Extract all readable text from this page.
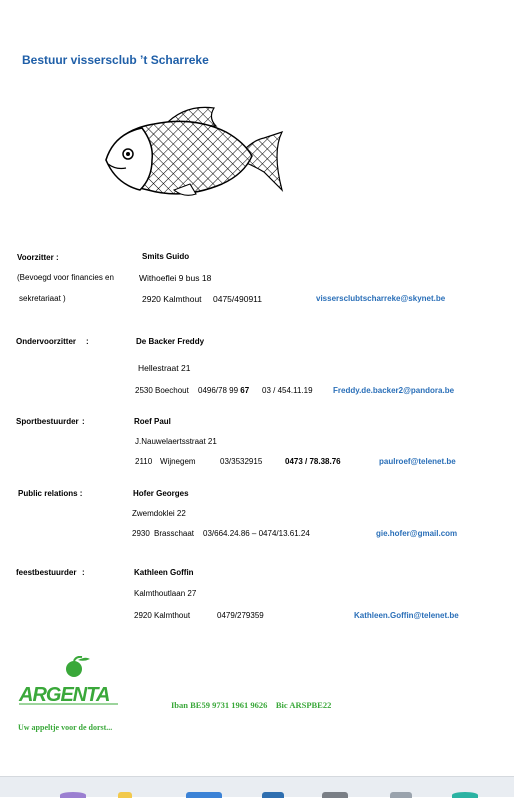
Bestuur vissersclub ’t Scharreke
Voorzitter :
(Bevoegd voor financies en
sekretariaat )
Smits Guido
Withoeflei 9 bus 18
2920 Kalmthout 0475/490911	vissersclubtscharreke@skynet.be
Ondervoorzitter :	De Backer Freddy
Hellestraat 21
2530 Boechout 0496/78 99 67 03 / 454.11.19	Freddy.de.backer2@pandora.be
Sportbestuurder :	Roef Paul
J.Nauwelaertsstraat 21
2110 Wijnegem	03/3532915	0473 / 78.38.76	paulroef@telenet.be
Public relations :	Hofer Georges
Zwemdoklei 22
2930 Brasschaat 03/664.24.86 – 0474/13.61.24	gie.hofer@gmail.com
feestbestuurder :	Kathleen Goffin
Kalmthoutlaan 27
2920 Kalmthout	0479/279359	Kathleen.Goffin@telenet.be
ARGENTA	Iban BE59 9731 1961 9626 Bic ARSPBE22
Uw appeltje voor de dorst...
